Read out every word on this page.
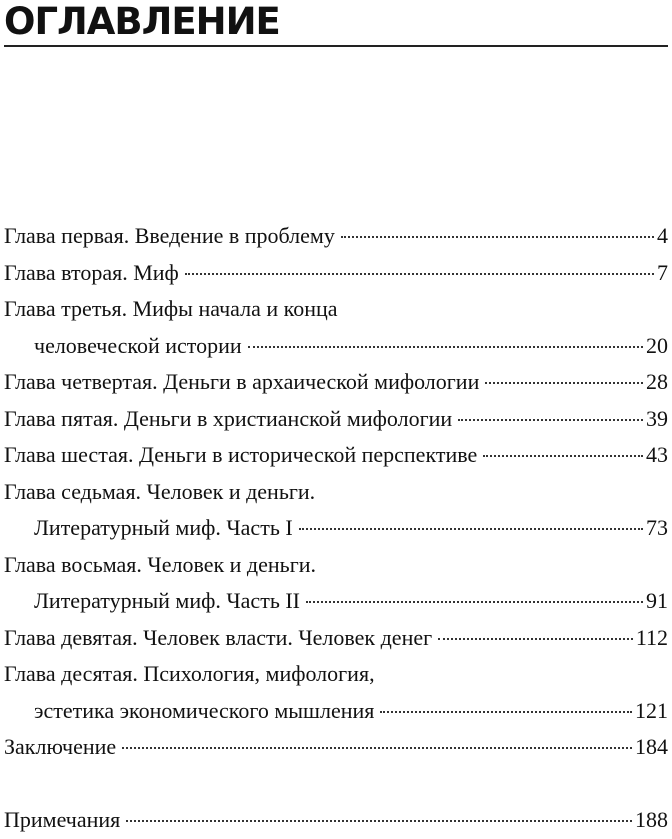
ОГЛАВЛЕНИЕ
Глава первая. Введение в проблему	4
Глава вторая. Миф	7
Глава третья. Мифы начала и конца
человеческой истории	20
Глава четвертая. Деньги в архаической мифологии	28
Глава пятая. Деньги в христианской мифологии	39
Глава шестая. Деньги в исторической перспективе	43
Глава седьмая. Человек и деньги.
Литературный миф. Часть I	73
Глава восьмая. Человек и деньги.
Литературный миф. Часть II	91
Глава девятая. Человек власти. Человек денег	112
Глава десятая. Психология, мифология,
эстетика экономического мышления	121
Заключение	184
Примечания	188
